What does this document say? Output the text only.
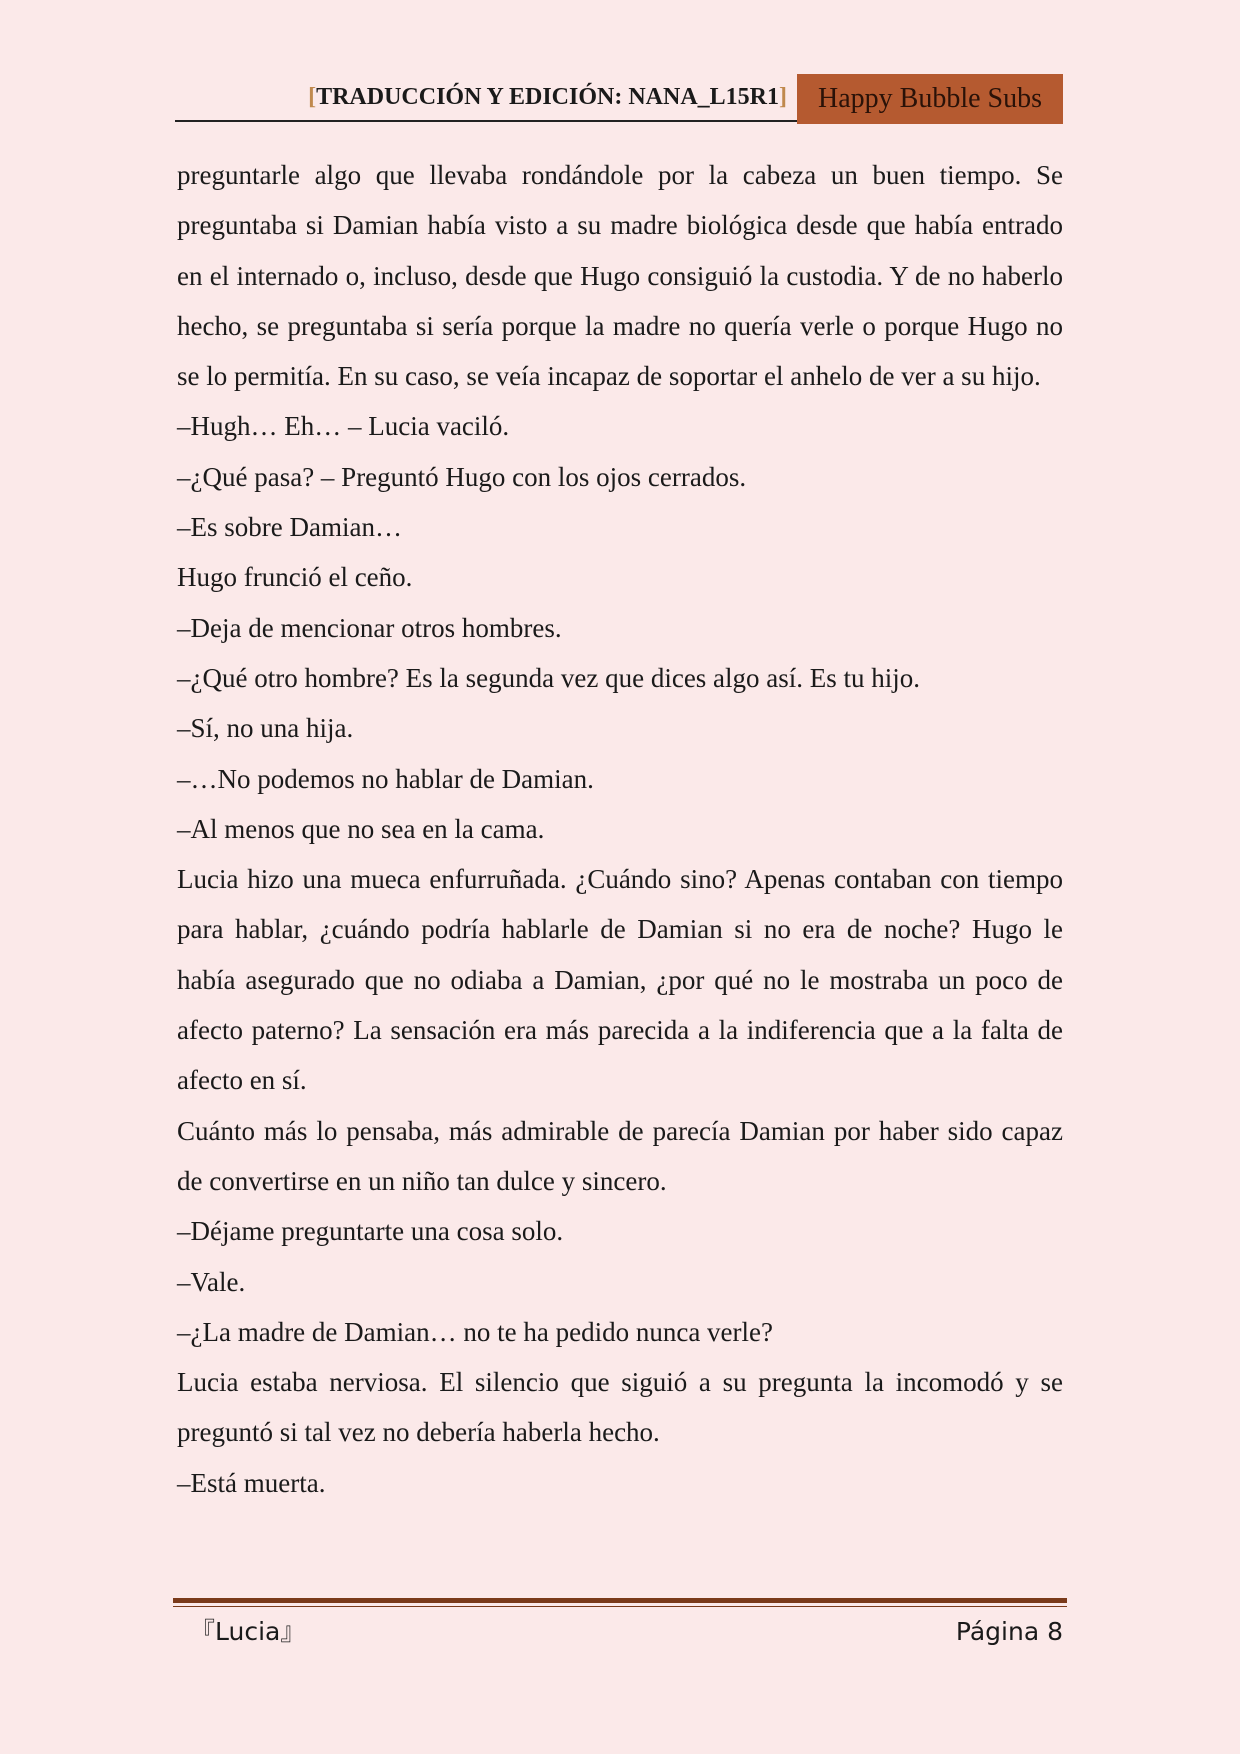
[TRADUCCIÓN Y EDICIÓN: NANA_L15R1]	Happy Bubble Subs

preguntarle algo que llevaba rondándole por la cabeza un buen tiempo. Se preguntaba si Damian había visto a su madre biológica desde que había entrado en el internado o, incluso, desde que Hugo consiguió la custodia. Y de no haberlo hecho, se preguntaba si sería porque la madre no quería verle o porque Hugo no se lo permitía. En su caso, se veía incapaz de soportar el anhelo de ver a su hijo.

–Hugh… Eh… – Lucia vaciló.

–¿Qué pasa? – Preguntó Hugo con los ojos cerrados.

–Es sobre Damian…

Hugo frunció el ceño.

–Deja de mencionar otros hombres.

–¿Qué otro hombre? Es la segunda vez que dices algo así. Es tu hijo.

–Sí, no una hija.

–…No podemos no hablar de Damian.

–Al menos que no sea en la cama.

Lucia hizo una mueca enfurruñada. ¿Cuándo sino? Apenas contaban con tiempo para hablar, ¿cuándo podría hablarle de Damian si no era de noche? Hugo le había asegurado que no odiaba a Damian, ¿por qué no le mostraba un poco de afecto paterno? La sensación era más parecida a la indiferencia que a la falta de afecto en sí.

Cuánto más lo pensaba, más admirable de parecía Damian por haber sido capaz de convertirse en un niño tan dulce y sincero.

–Déjame preguntarte una cosa solo.

–Vale.

–¿La madre de Damian… no te ha pedido nunca verle?

Lucia estaba nerviosa. El silencio que siguió a su pregunta la incomodó y se preguntó si tal vez no debería haberla hecho.

–Está muerta.

『Lucia』	Página 8
